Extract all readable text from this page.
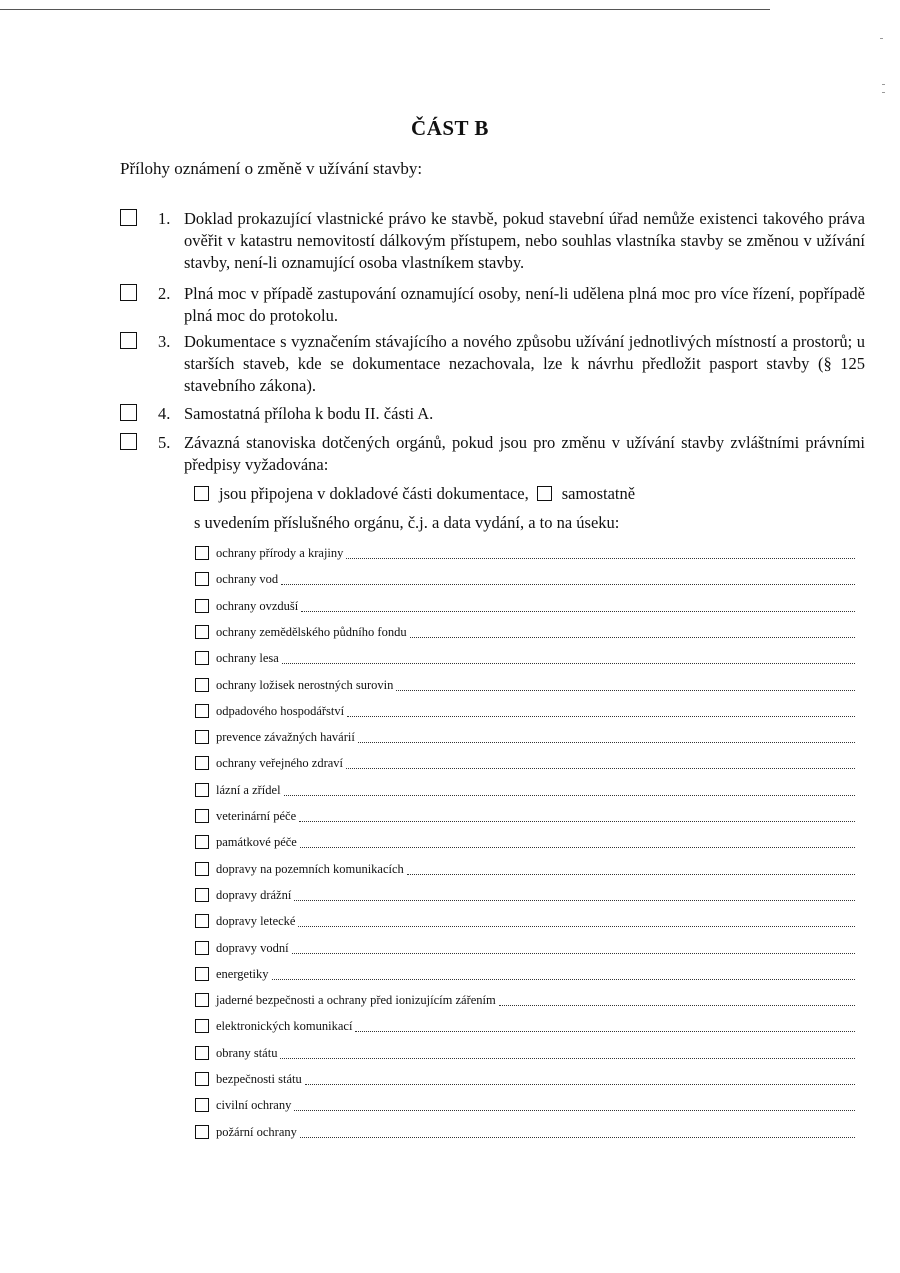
ČÁST B
Přílohy oznámení o změně v užívání stavby:
1. Doklad prokazující vlastnické právo ke stavbě, pokud stavební úřad nemůže existenci takového práva ověřit v katastru nemovitostí dálkovým přístupem, nebo souhlas vlastníka stavby se změnou v užívání stavby, není-li oznamující osoba vlastníkem stavby.
2. Plná moc v případě zastupování oznamující osoby, není-li udělena plná moc pro více řízení, popřípadě plná moc do protokolu.
3. Dokumentace s vyznačením stávajícího a nového způsobu užívání jednotlivých místností a prostorů; u starších staveb, kde se dokumentace nezachovala, lze k návrhu předložit pasport stavby (§ 125 stavebního zákona).
4. Samostatná příloha k bodu II. části A.
5. Závazná stanoviska dotčených orgánů, pokud jsou pro změnu v užívání stavby zvláštními právními předpisy vyžadována:
jsou připojena v dokladové části dokumentace, samostatně
s uvedením příslušného orgánu, č.j. a data vydání, a to na úseku:
ochrany přírody a krajiny
ochrany vod
ochrany ovzduší
ochrany zemědělského půdního fondu
ochrany lesa
ochrany ložisek nerostných surovin
odpadového hospodářství
prevence závažných havárií
ochrany veřejného zdraví
lázní a zřídel
veterinární péče
památkové péče
dopravy na pozemních komunikacích
dopravy drážní
dopravy letecké
dopravy vodní
energetiky
jaderné bezpečnosti a ochrany před ionizujícím zářením
elektronických komunikací
obrany státu
bezpečnosti státu
civilní ochrany
požární ochrany
